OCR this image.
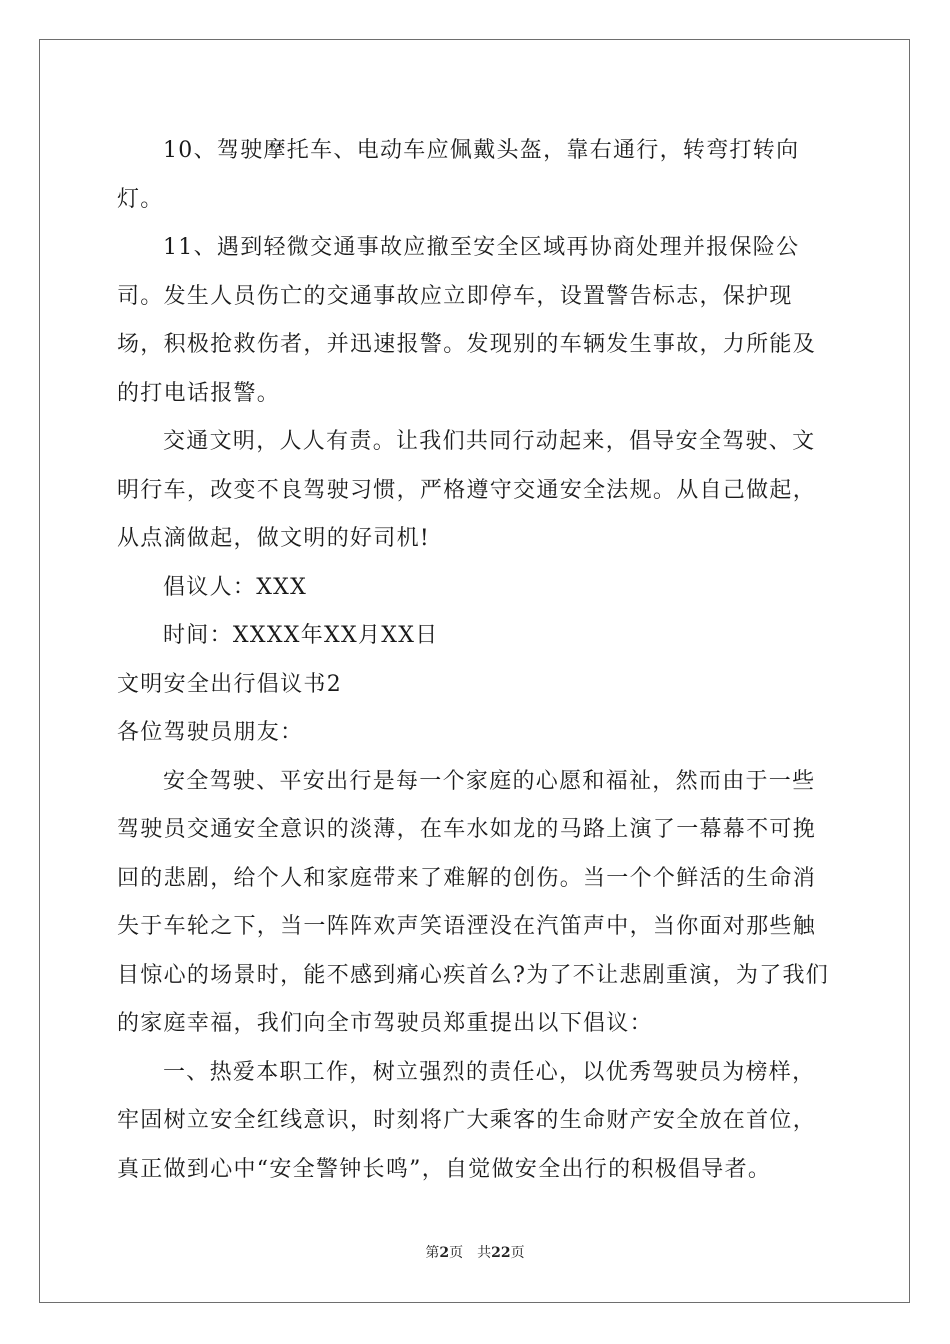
10、驾驶摩托车、电动车应佩戴头盔，靠右通行，转弯打转向灯。

11、遇到轻微交通事故应撤至安全区域再协商处理并报保险公司。发生人员伤亡的交通事故应立即停车，设置警告标志，保护现场，积极抢救伤者，并迅速报警。发现别的车辆发生事故，力所能及的打电话报警。

交通文明，人人有责。让我们共同行动起来，倡导安全驾驶、文明行车，改变不良驾驶习惯，严格遵守交通安全法规。从自己做起，从点滴做起，做文明的好司机!

倡议人：XXX

时间：XXXX年XX月XX日

文明安全出行倡议书2

各位驾驶员朋友：

安全驾驶、平安出行是每一个家庭的心愿和福祉，然而由于一些驾驶员交通安全意识的淡薄，在车水如龙的马路上演了一幕幕不可挽回的悲剧，给个人和家庭带来了难解的创伤。当一个个鲜活的生命消失于车轮之下，当一阵阵欢声笑语湮没在汽笛声中，当你面对那些触目惊心的场景时，能不感到痛心疾首么?为了不让悲剧重演，为了我们的家庭幸福，我们向全市驾驶员郑重提出以下倡议：

一、热爱本职工作，树立强烈的责任心，以优秀驾驶员为榜样，牢固树立安全红线意识，时刻将广大乘客的生命财产安全放在首位，真正做到心中“安全警钟长鸣”，自觉做安全出行的积极倡导者。

第2页 共22页
